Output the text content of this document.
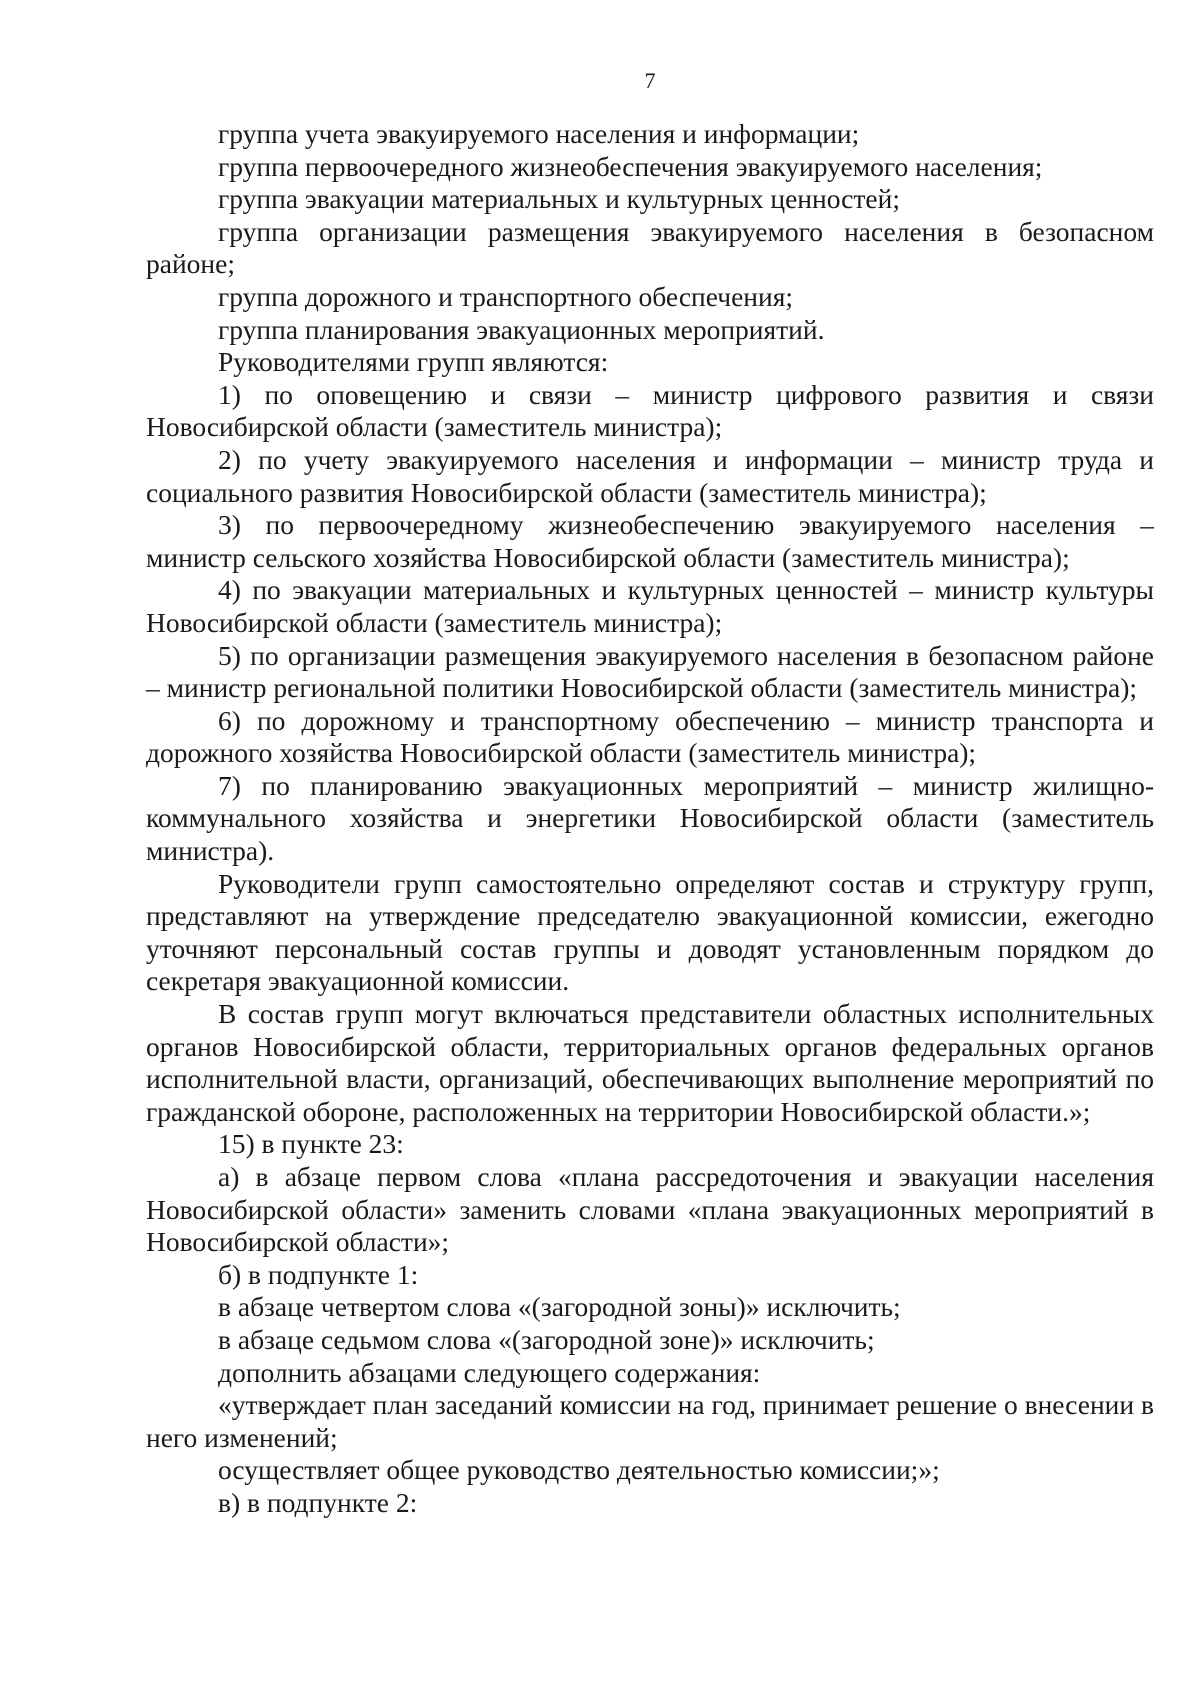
7

группа учета эвакуируемого населения и информации;

группа первоочередного жизнеобеспечения эвакуируемого населения;

группа эвакуации материальных и культурных ценностей;

группа организации размещения эвакуируемого населения в безопасном районе;

группа дорожного и транспортного обеспечения;

группа планирования эвакуационных мероприятий.

Руководителями групп являются:

1) по оповещению и связи – министр цифрового развития и связи Новосибирской области (заместитель министра);

2) по учету эвакуируемого населения и информации – министр труда и социального развития Новосибирской области (заместитель министра);

3) по первоочередному жизнеобеспечению эвакуируемого населения – министр сельского хозяйства Новосибирской области (заместитель министра);

4) по эвакуации материальных и культурных ценностей – министр культуры Новосибирской области (заместитель министра);

5) по организации размещения эвакуируемого населения в безопасном районе – министр региональной политики Новосибирской области (заместитель министра);

6) по дорожному и транспортному обеспечению – министр транспорта и дорожного хозяйства Новосибирской области (заместитель министра);

7) по планированию эвакуационных мероприятий – министр жилищно-коммунального хозяйства и энергетики Новосибирской области (заместитель министра).

Руководители групп самостоятельно определяют состав и структуру групп, представляют на утверждение председателю эвакуационной комиссии, ежегодно уточняют персональный состав группы и доводят установленным порядком до секретаря эвакуационной комиссии.

В состав групп могут включаться представители областных исполнительных органов Новосибирской области, территориальных органов федеральных органов исполнительной власти, организаций, обеспечивающих выполнение мероприятий по гражданской обороне, расположенных на территории Новосибирской области.»;

15) в пункте 23:

а) в абзаце первом слова «плана рассредоточения и эвакуации населения Новосибирской области» заменить словами «плана эвакуационных мероприятий в Новосибирской области»;

б) в подпункте 1:

в абзаце четвертом слова «(загородной зоны)» исключить;

в абзаце седьмом слова «(загородной зоне)» исключить;

дополнить абзацами следующего содержания:

«утверждает план заседаний комиссии на год, принимает решение о внесении в него изменений;

осуществляет общее руководство деятельностью комиссии;»;

в) в подпункте 2:
